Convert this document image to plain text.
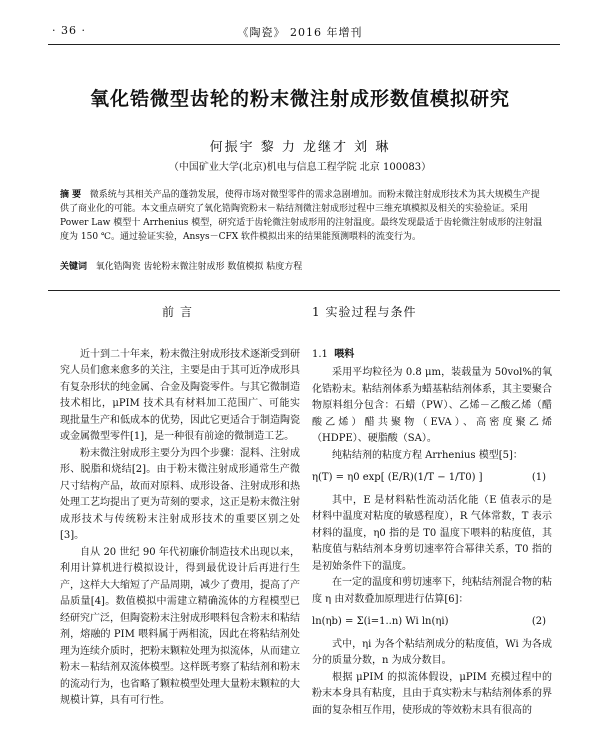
· 36 ·	《陶瓷》 2016 年增刊
氧化锆微型齿轮的粉末微注射成形数值模拟研究
何振宇 黎 力 龙继才 刘 琳
（中国矿业大学(北京)机电与信息工程学院 北京 100083）
摘 要 微系统与其相关产品的蓬勃发展，使得市场对微型零件的需求急剧增加。而粉末微注射成形技术为其大规模生产提供了商业化的可能。本文重点研究了氧化锆陶瓷粉末－粘结剂微注射成形过程中三维充填模拟及相关的实验验证。采用 Power Law 模型十 Arrhenius 模型，研究适于齿轮微注射成形用的注射温度。最终发现最适于齿轮微注射成形的注射温度为 150 ℃。通过验证实验，Ansys－CFX 软件模拟出来的结果能预测喂料的流变行为。
关键词 氧化锆陶瓷 齿轮粉末微注射成形 数值模拟 粘度方程
前言

近十到二十年来，粉末微注射成形技术逐渐受到研究人员们愈来愈多的关注，主要是由于其可近净成形具有复杂形状的纯金属、合金及陶瓷零件。与其它微制造技术相比，μPIM 技术具有材料加工范围广、可能实现批量生产和低成本的优势，因此它更适合于制造陶瓷或金属微型零件[1]，是一种很有前途的微制造工艺。

粉末微注射成形主要分为四个步骤：混料、注射成形、脱脂和烧结[2]。由于粉末微注射成形通常生产微尺寸结构产品，故而对原料、成形设备、注射成形和热处理工艺均提出了更为苛刻的要求，这正是粉末微注射成形技术与传统粉末注射成形技术的重要区别之处[3]。

自从 20 世纪 90 年代初廉价制造技术出现以来，利用计算机进行模拟设计，得到最优设计后再进行生产，这样大大缩短了产品周期，减少了费用，提高了产品质量[4]。数值模拟中需建立精确流体的方程模型已经研究广泛，但陶瓷粉末注射成形喂料包含粉末和粘结剂，熔融的 PIM 喂料属于两相流，因此在将粘结剂处理为连续介质时，把粉末颗粒处理为拟流体，从而建立粉末－粘结剂双流体模型。这样既考察了粘结剂和粉末的流动行为，也省略了颗粒模型处理大量粉末颗粒的大规模计算，具有可行性。

1 实验过程与条件
1.1 喂料

采用平均粒径为 0.8 μm，装载量为 50vol%的氧化锆粉末。粘结剂体系为蜡基粘结剂体系，其主要聚合物原料组分包含：石蜡（PW）、乙烯－乙酸乙烯（醋酸乙烯）醋共聚物（EVA）、高密度聚乙烯（HDPE）、硬脂酸（SA）。

纯粘结剂的粘度方程 Arrhenius 模型[5]：

η(T) = η0 exp[ (E/R)(1/T − 1/T0) ]	(1)

其中，E 是材料粘性流动活化能（E 值表示的是材料中温度对粘度的敏感程度），R 气体常数，T 表示材料的温度，η0 指的是 T0 温度下喂料的粘度值，其粘度值与粘结剂本身剪切速率符合幂律关系，T0 指的是初始条件下的温度。

在一定的温度和剪切速率下，纯粘结剂混合物的粘度 η 由对数叠加原理进行估算[6]：

ln(ηb) = Σ(i=1..n) Wi ln(ηi)	(2)

式中，ηi 为各个粘结剂成分的粘度值，Wi 为各成分的质量分数，n 为成分数目。

根据 μPIM 的拟流体假设，μPIM 充模过程中的粉末本身具有粘度，且由于真实粉末与粘结剂体系的界面的复杂相互作用，使形成的等效粉末具有很高的
